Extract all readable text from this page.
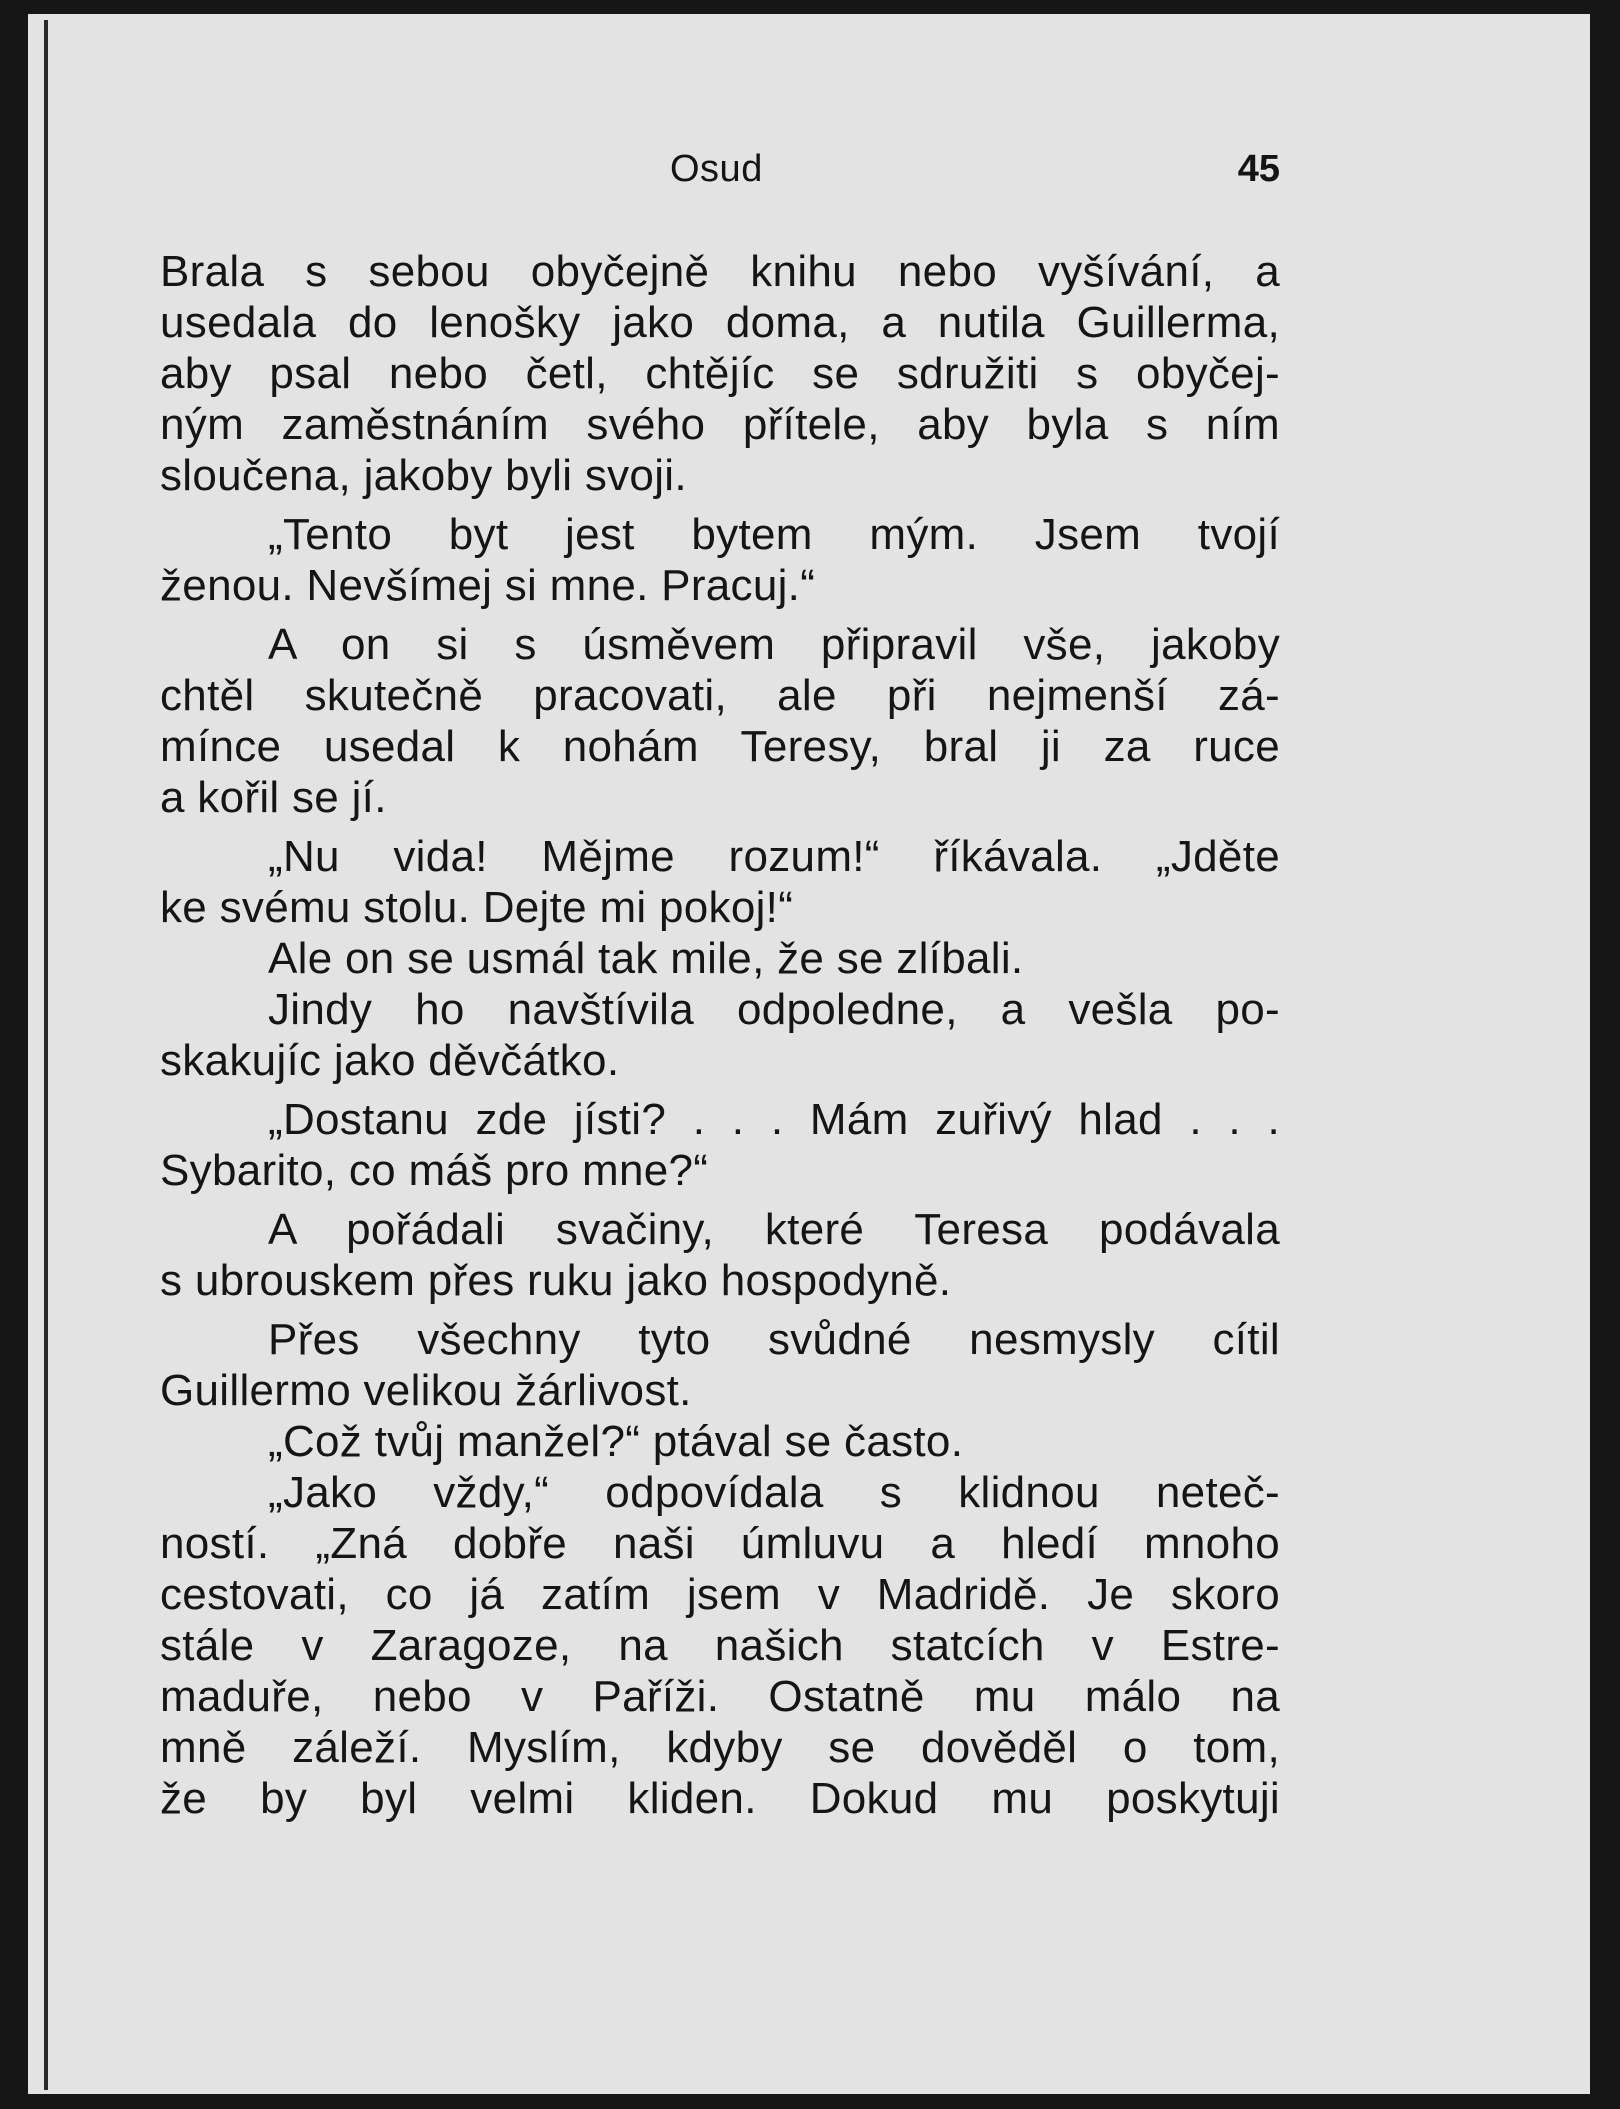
Osud	45
Brala s sebou obyčejně knihu nebo vyšívání, a
usedala do lenošky jako doma, a nutila Guillerma,
aby psal nebo četl, chtějíc se sdružiti s obyčej-
ným zaměstnáním svého přítele, aby byla s ním
sloučena, jakoby byli svoji.
„Tento byt jest bytem mým. Jsem tvojí
ženou. Nevšímej si mne. Pracuj.“
A on si s úsměvem připravil vše, jakoby
chtěl skutečně pracovati, ale při nejmenší zá-
mínce usedal k nohám Teresy, bral ji za ruce
a kořil se jí.
„Nu vida! Mějme rozum!“ říkávala. „Jděte
ke svému stolu. Dejte mi pokoj!“
Ale on se usmál tak mile, že se zlíbali.
Jindy ho navštívila odpoledne, a vešla po-
skakujíc jako děvčátko.
„Dostanu zde jísti? . . . Mám zuřivý hlad . . .
Sybarito, co máš pro mne?“
A pořádali svačiny, které Teresa podávala
s ubrouskem přes ruku jako hospodyně.
Přes všechny tyto svůdné nesmysly cítil
Guillermo velikou žárlivost.
„Což tvůj manžel?“ ptával se často.
„Jako vždy,“ odpovídala s klidnou neteč-
ností. „Zná dobře naši úmluvu a hledí mnoho
cestovati, co já zatím jsem v Madridě. Je skoro
stále v Zaragoze, na našich statcích v Estre-
maduře, nebo v Paříži. Ostatně mu málo na
mně záleží. Myslím, kdyby se dověděl o tom,
že by byl velmi kliden. Dokud mu poskytuji
